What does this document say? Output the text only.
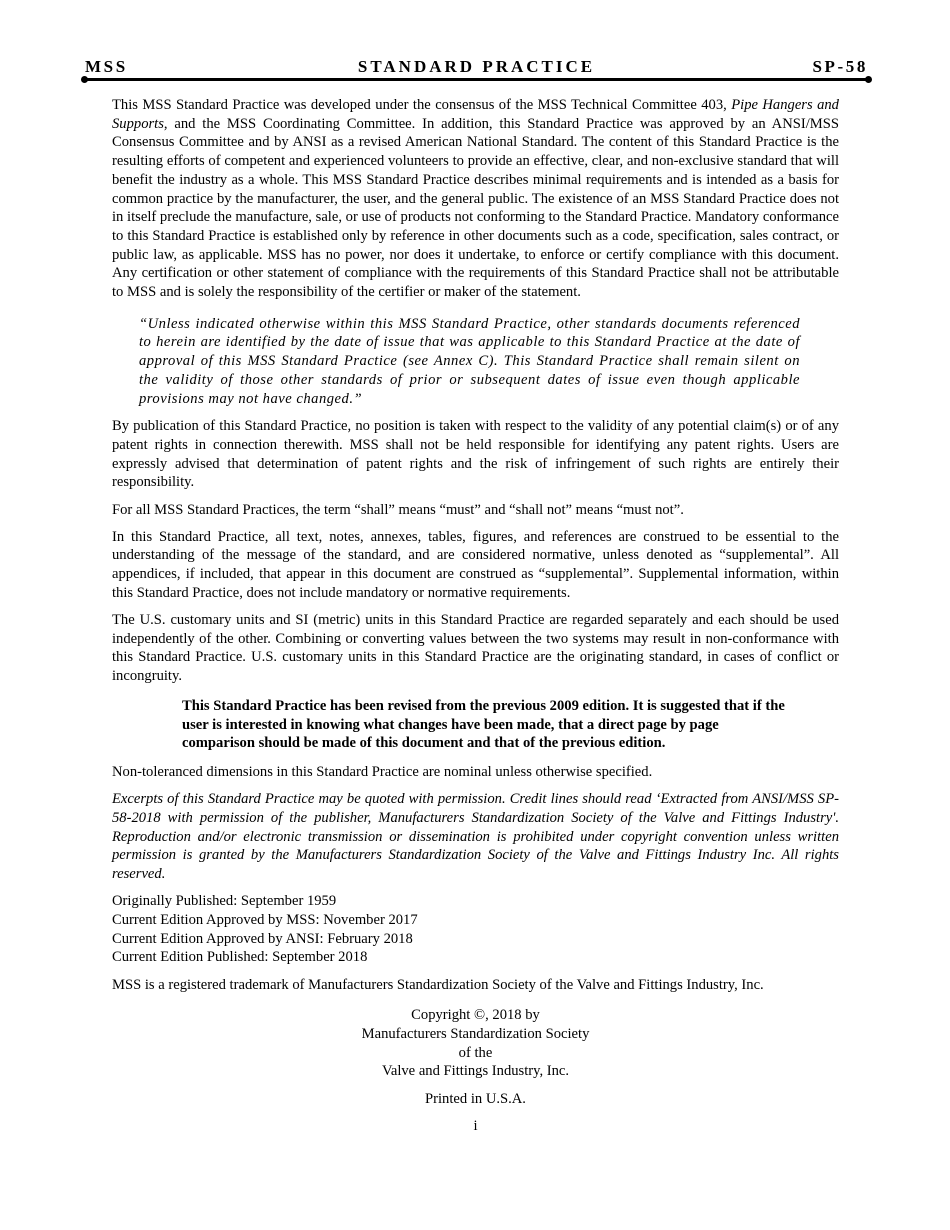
MSS	STANDARD PRACTICE	SP-58

This MSS Standard Practice was developed under the consensus of the MSS Technical Committee 403, Pipe Hangers and Supports, and the MSS Coordinating Committee. In addition, this Standard Practice was approved by an ANSI/MSS Consensus Committee and by ANSI as a revised American National Standard. The content of this Standard Practice is the resulting efforts of competent and experienced volunteers to provide an effective, clear, and non-exclusive standard that will benefit the industry as a whole. This MSS Standard Practice describes minimal requirements and is intended as a basis for common practice by the manufacturer, the user, and the general public. The existence of an MSS Standard Practice does not in itself preclude the manufacture, sale, or use of products not conforming to the Standard Practice. Mandatory conformance to this Standard Practice is established only by reference in other documents such as a code, specification, sales contract, or public law, as applicable. MSS has no power, nor does it undertake, to enforce or certify compliance with this document. Any certification or other statement of compliance with the requirements of this Standard Practice shall not be attributable to MSS and is solely the responsibility of the certifier or maker of the statement.

“Unless indicated otherwise within this MSS Standard Practice, other standards documents referenced to herein are identified by the date of issue that was applicable to this Standard Practice at the date of approval of this MSS Standard Practice (see Annex C). This Standard Practice shall remain silent on the validity of those other standards of prior or subsequent dates of issue even though applicable provisions may not have changed.”

By publication of this Standard Practice, no position is taken with respect to the validity of any potential claim(s) or of any patent rights in connection therewith. MSS shall not be held responsible for identifying any patent rights. Users are expressly advised that determination of patent rights and the risk of infringement of such rights are entirely their responsibility.

For all MSS Standard Practices, the term “shall” means “must” and “shall not” means “must not”.

In this Standard Practice, all text, notes, annexes, tables, figures, and references are construed to be essential to the understanding of the message of the standard, and are considered normative, unless denoted as “supplemental”. All appendices, if included, that appear in this document are construed as “supplemental”. Supplemental information, within this Standard Practice, does not include mandatory or normative requirements.

The U.S. customary units and SI (metric) units in this Standard Practice are regarded separately and each should be used independently of the other. Combining or converting values between the two systems may result in non-conformance with this Standard Practice. U.S. customary units in this Standard Practice are the originating standard, in cases of conflict or incongruity.

This Standard Practice has been revised from the previous 2009 edition. It is suggested that if the user is interested in knowing what changes have been made, that a direct page by page comparison should be made of this document and that of the previous edition.

Non-toleranced dimensions in this Standard Practice are nominal unless otherwise specified.

Excerpts of this Standard Practice may be quoted with permission. Credit lines should read ‘Extracted from ANSI/MSS SP-58-2018 with permission of the publisher, Manufacturers Standardization Society of the Valve and Fittings Industry'. Reproduction and/or electronic transmission or dissemination is prohibited under copyright convention unless written permission is granted by the Manufacturers Standardization Society of the Valve and Fittings Industry Inc. All rights reserved.

Originally Published: September 1959
Current Edition Approved by MSS: November 2017
Current Edition Approved by ANSI: February 2018
Current Edition Published: September 2018

MSS is a registered trademark of Manufacturers Standardization Society of the Valve and Fittings Industry, Inc.

Copyright ©, 2018 by
Manufacturers Standardization Society
of the
Valve and Fittings Industry, Inc.

Printed in U.S.A.

i
